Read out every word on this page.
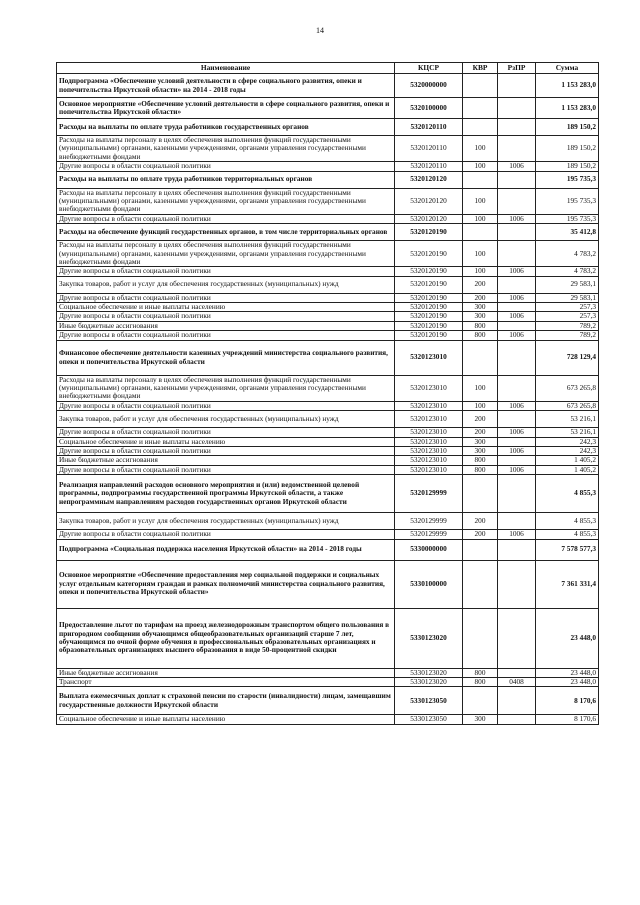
14
Наименование	КЦСР	КВР	РзПР	Сумма
Подпрограмма «Обеспечение условий деятельности в сфере социального развития, опеки и попечительства Иркутской области» на 2014 - 2018 годы	5320000000			1 153 283,0
Основное мероприятие «Обеспечение условий деятельности в сфере социального развития, опеки и попечительства Иркутской области»	5320100000			1 153 283,0
Расходы на выплаты по оплате труда работников государственных органов	5320120110			189 150,2
Расходы на выплаты персоналу в целях обеспечения выполнения функций государственными (муниципальными) органами, казенными учреждениями, органами управления государственными внебюджетными фондами	5320120110	100		189 150,2
Другие вопросы в области социальной политики	5320120110	100	1006	189 150,2
Расходы на выплаты по оплате труда работников территориальных органов	5320120120			195 735,3
Расходы на выплаты персоналу в целях обеспечения выполнения функций государственными (муниципальными) органами, казенными учреждениями, органами управления государственными внебюджетными фондами	5320120120	100		195 735,3
Другие вопросы в области социальной политики	5320120120	100	1006	195 735,3
Расходы на обеспечение функций государственных органов, в том числе территориальных органов	5320120190			35 412,8
Расходы на выплаты персоналу в целях обеспечения выполнения функций государственными (муниципальными) органами, казенными учреждениями, органами управления государственными внебюджетными фондами	5320120190	100		4 783,2
Другие вопросы в области социальной политики	5320120190	100	1006	4 783,2
Закупка товаров, работ и услуг для обеспечения государственных (муниципальных) нужд	5320120190	200		29 583,1
Другие вопросы в области социальной политики	5320120190	200	1006	29 583,1
Социальное обеспечение и иные выплаты населению	5320120190	300		257,3
Другие вопросы в области социальной политики	5320120190	300	1006	257,3
Иные бюджетные ассигнования	5320120190	800		789,2
Другие вопросы в области социальной политики	5320120190	800	1006	789,2
Финансовое обеспечение деятельности казенных учреждений министерства социального развития, опеки и попечительства Иркутской области	5320123010			728 129,4
Расходы на выплаты персоналу в целях обеспечения выполнения функций государственными (муниципальными) органами, казенными учреждениями, органами управления государственными внебюджетными фондами	5320123010	100		673 265,8
Другие вопросы в области социальной политики	5320123010	100	1006	673 265,8
Закупка товаров, работ и услуг для обеспечения государственных (муниципальных) нужд	5320123010	200		53 216,1
Другие вопросы в области социальной политики	5320123010	200	1006	53 216,1
Социальное обеспечение и иные выплаты населению	5320123010	300		242,3
Другие вопросы в области социальной политики	5320123010	300	1006	242,3
Иные бюджетные ассигнования	5320123010	800		1 405,2
Другие вопросы в области социальной политики	5320123010	800	1006	1 405,2
Реализация направлений расходов основного мероприятия и (или) ведомственной целевой программы, подпрограммы государственной программы Иркутской области, а также непрограммным направлениям расходов государственных органов Иркутской области	5320129999			4 855,3
Закупка товаров, работ и услуг для обеспечения государственных (муниципальных) нужд	5320129999	200		4 855,3
Другие вопросы в области социальной политики	5320129999	200	1006	4 855,3
Подпрограмма «Социальная поддержка населения Иркутской области» на 2014 - 2018 годы	5330000000			7 578 577,3
Основное мероприятие «Обеспечение предоставления мер социальной поддержки и социальных услуг отдельным категориям граждан и рамках полномочий министерства социального развития, опеки и попечительства Иркутской области»	5330100000			7 361 331,4
Предоставление льгот по тарифам на проезд железнодорожным транспортом общего пользования в пригородном сообщении обучающимся общеобразовательных организаций старше 7 лет, обучающимся по очной форме обучения в профессиональных образовательных организациях и образовательных организациях высшего образования в виде 50-процентной скидки	5330123020			23 448,0
Иные бюджетные ассигнования	5330123020	800		23 448,0
Транспорт	5330123020	800	0408	23 448,0
Выплата ежемесячных доплат к страховой пенсии по старости (инвалидности) лицам, замещавшим государственные должности Иркутской области	5330123050			8 170,6
Социальное обеспечение и иные выплаты населению	5330123050	300		8 170,6
